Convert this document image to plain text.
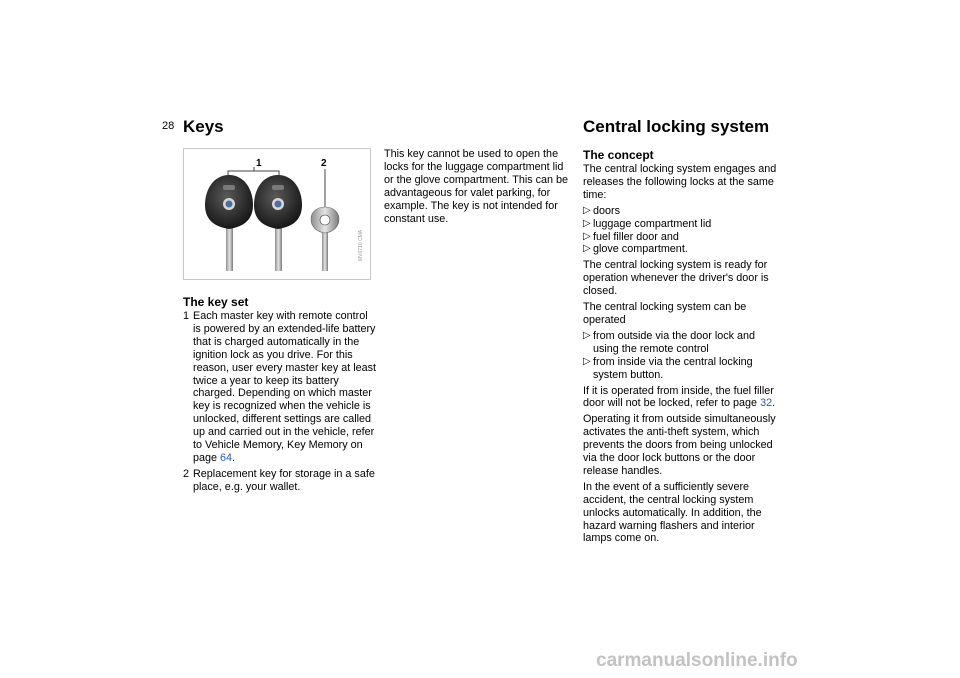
28 Keys
1	2
MV0710 CMA
The key set

1 Each master key with remote control is powered by an extended-life battery that is charged automatically in the ignition lock as you drive. For this reason, user every master key at least twice a year to keep its battery charged. Depending on which master key is recognized when the vehicle is unlocked, different settings are called up and carried out in the vehicle, refer to Vehicle Memory, Key Memory on page 64.

2 Replacement key for storage in a safe place, e.g. your wallet.

This key cannot be used to open the locks for the luggage compartment lid or the glove compartment. This can be advantageous for valet parking, for example. The key is not intended for constant use.
Central locking system
The concept

The central locking system engages and releases the following locks at the same time:

▷ doors
▷ luggage compartment lid
▷ fuel filler door and
▷ glove compartment.

The central locking system is ready for operation whenever the driver's door is closed.

The central locking system can be operated

▷ from outside via the door lock and using the remote control
▷ from inside via the central locking system button.

If it is operated from inside, the fuel filler door will not be locked, refer to page 32.

Operating it from outside simultaneously activates the anti-theft system, which prevents the doors from being unlocked via the door lock buttons or the door release handles.

In the event of a sufficiently severe accident, the central locking system unlocks automatically. In addition, the hazard warning flashers and interior lamps come on.

carmanualsonline.info
